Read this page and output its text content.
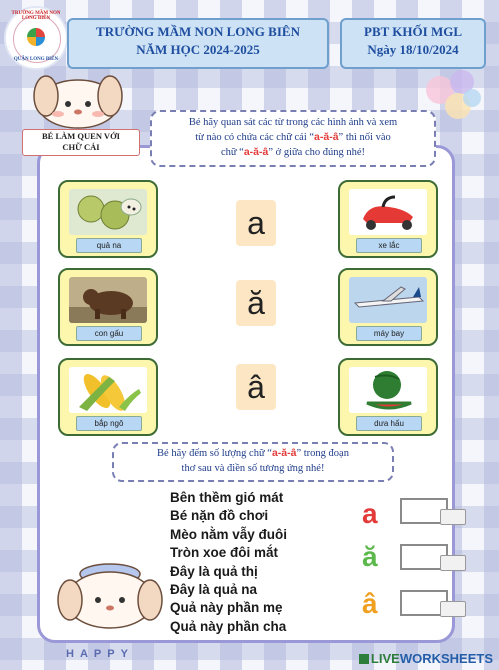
TRƯỜNG MẦM NON LONG BIÊN
QUẬN LONG BIÊN
TRƯỜNG MẦM NON LONG BIÊN
NĂM HỌC 2024-2025
PBT KHỐI MGL
Ngày 18/10/2024
BÉ LÀM QUEN VỚI
CHỮ CÁI
Bé hãy quan sát các từ trong các hình ảnh và xem
từ nào có chứa các chữ cái “a-ă-â” thì nối vào
chữ “a-ă-â” ở giữa cho đúng nhé!
quả na
con gấu
bắp ngô
xe lắc
máy bay
dưa hấu
a
ă
â
Bé hãy đếm số lượng chữ “a-ă-â” trong đoạn
thơ sau và điền số tương ứng nhé!
Bên thềm gió mát
Bé nặn đồ chơi
Mèo nằm vẫy đuôi
Tròn xoe đôi mắt
Đây là quả thị
Đây là quả na
Quả này phần mẹ
Quả này phần cha
a
ă
â
HAPPY	LIVEWORKSHEETS
